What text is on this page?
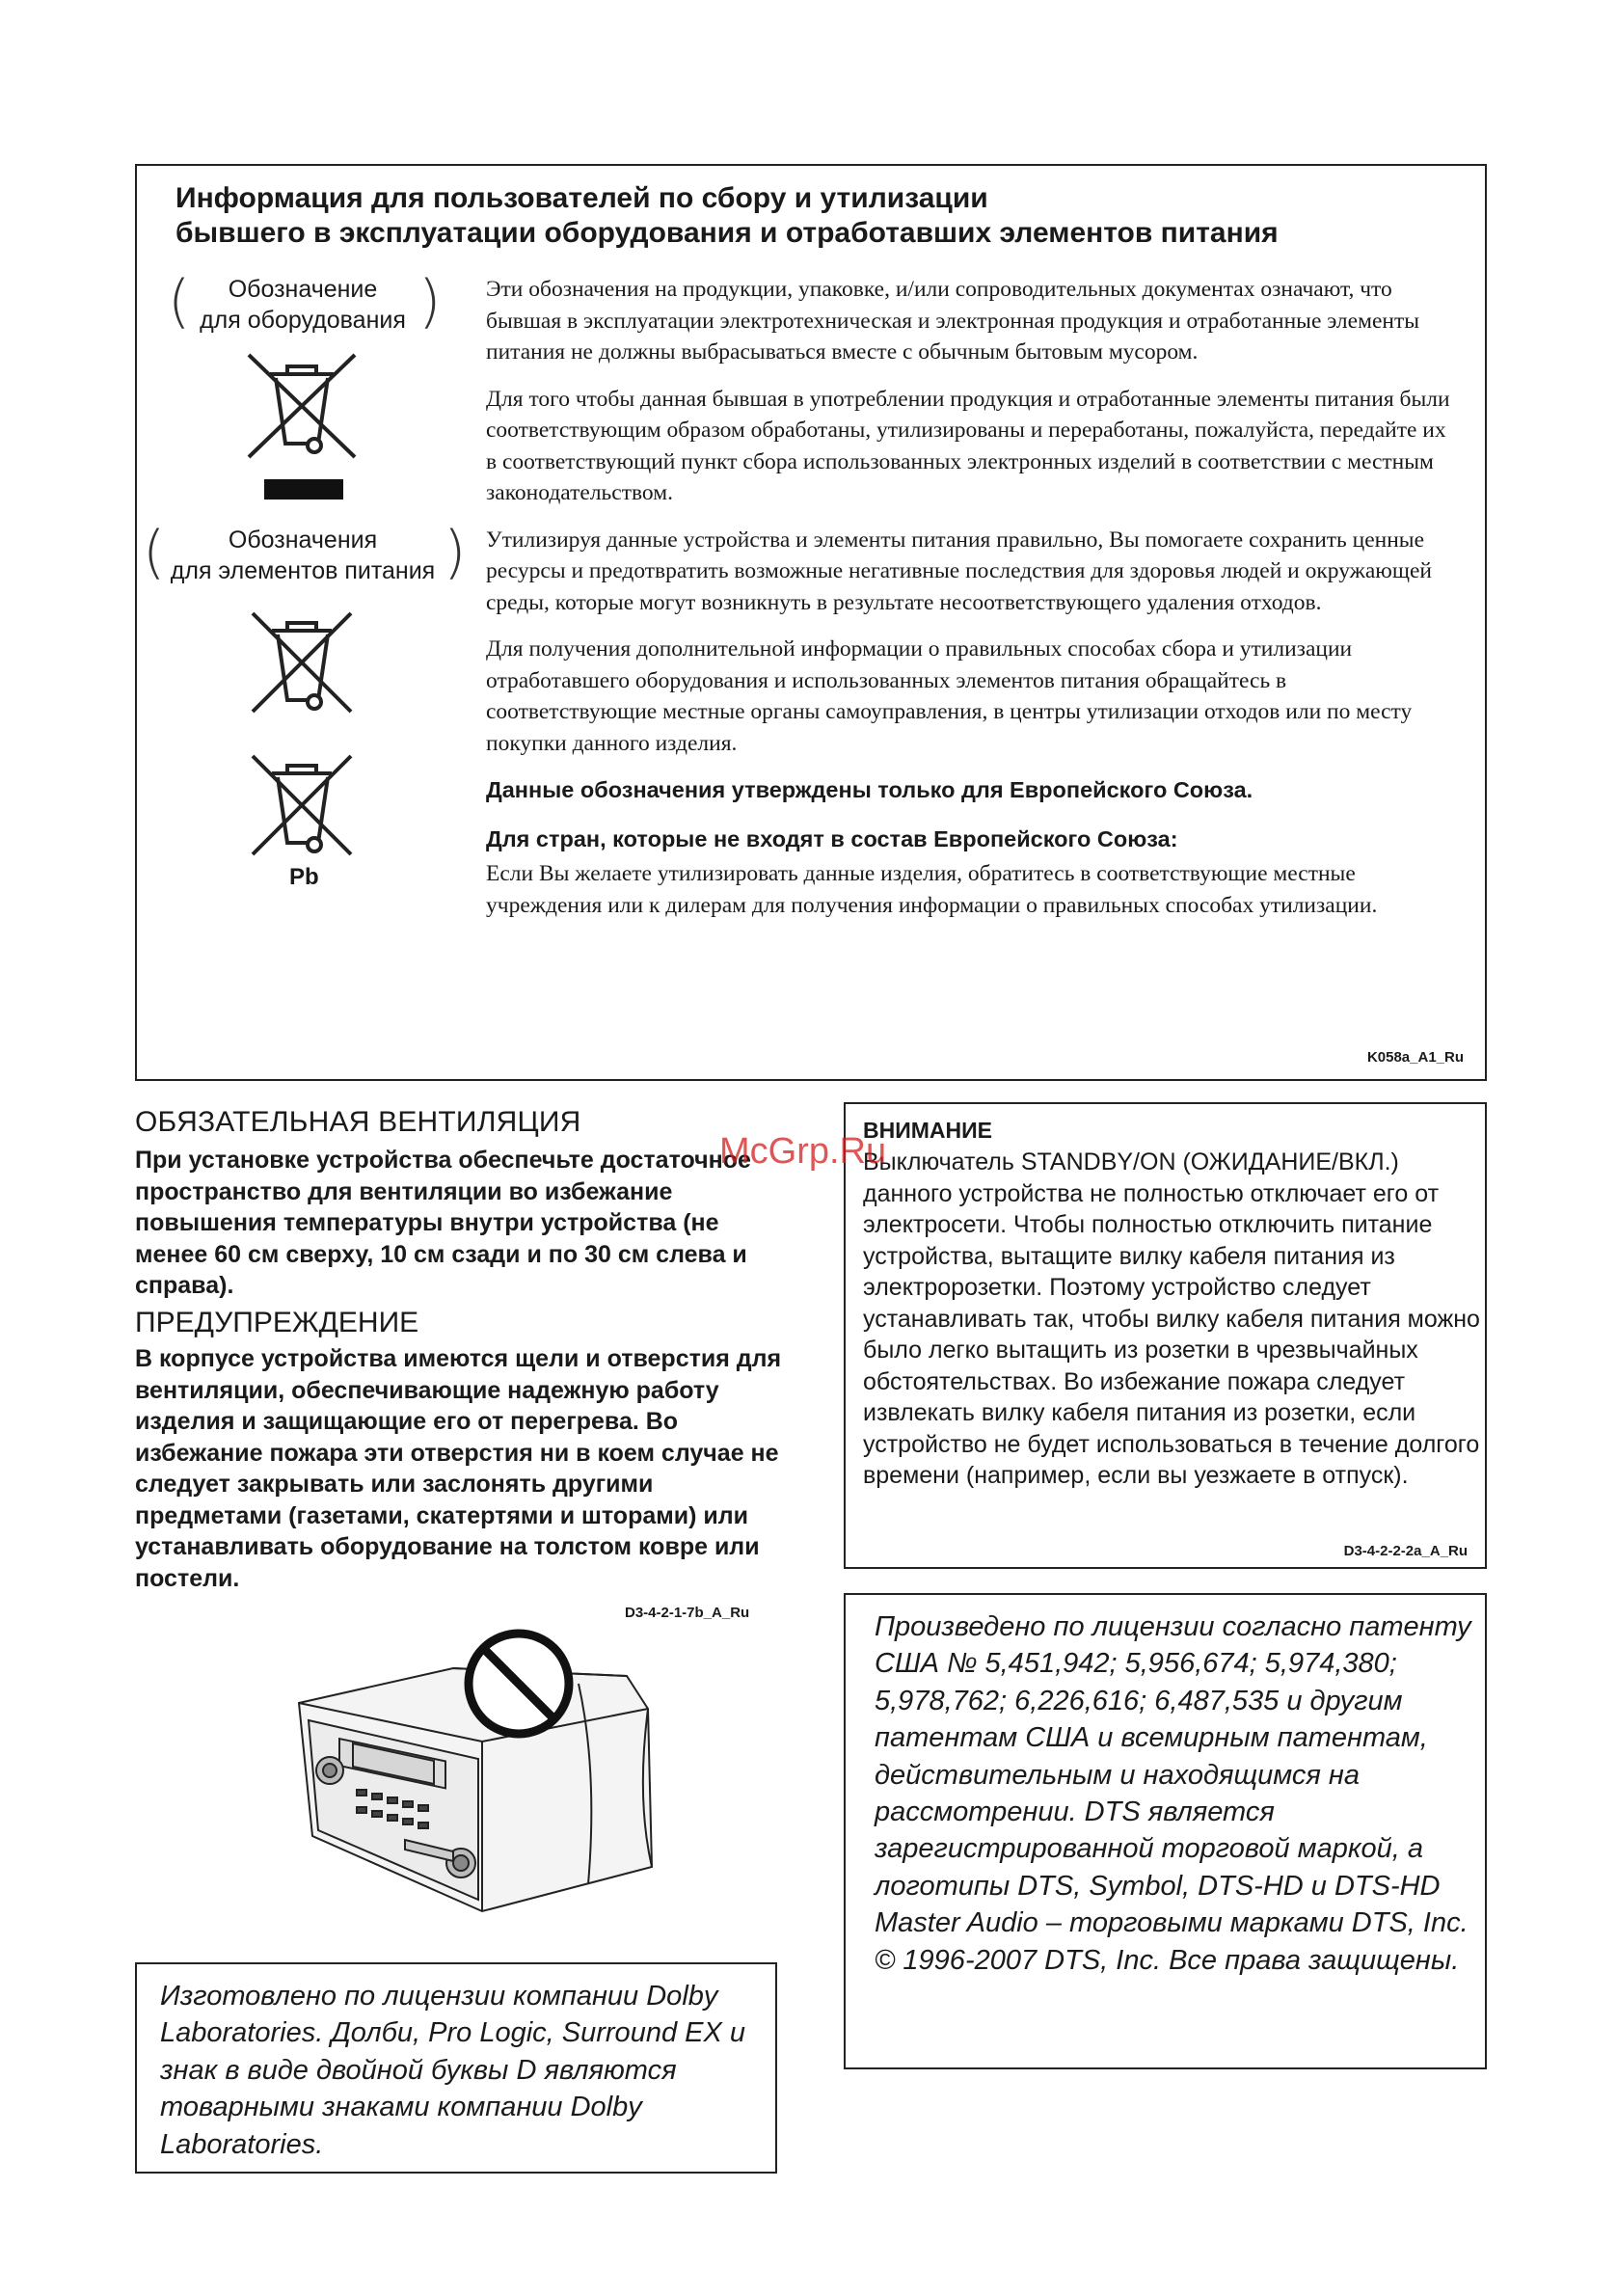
Информация для пользователей по сбору и утилизации
бывшего в эксплуатации оборудования и отработавших элементов питания
(	)
Обозначение
для оборудования
(	)
Обозначения
для элементов питания
Pb

Эти обозначения на продукции, упаковке, и/или сопроводительных документах означают, что бывшая в эксплуатации электротехническая и электронная продукция и отработанные элементы питания не должны выбрасываться вместе с обычным бытовым мусором.

Для того чтобы данная бывшая в употреблении продукция и отработанные элементы питания были соответствующим образом обработаны, утилизированы и переработаны, пожалуйста, передайте их в соответствующий пункт сбора использованных электронных изделий в соответствии с местным законодательством.

Утилизируя данные устройства и элементы питания правильно, Вы помогаете сохранить ценные ресурсы и предотвратить возможные негативные последствия для здоровья людей и окружающей среды, которые могут возникнуть в результате несоответствующего удаления отходов.

Для получения дополнительной информации о правильных способах сбора и утилизации отработавшего оборудования и использованных элементов питания обращайтесь в соответствующие местные органы самоуправления, в центры утилизации отходов или по месту покупки данного изделия.

Данные обозначения утверждены только для Европейского Союза.

Для стран, которые не входят в состав Европейского Союза:

Если Вы желаете утилизировать данные изделия, обратитесь в соответствующие местные учреждения или к дилерам для получения информации о правильных способах утилизации.

K058a_A1_Ru
ОБЯЗАТЕЛЬНАЯ ВЕНТИЛЯЦИЯ
При установке устройства обеспечьте достаточное пространство для вентиляции во избежание повышения температуры внутри устройства (не менее 60 см сверху, 10 см сзади и по 30 см слева и справа).
ПРЕДУПРЕЖДЕНИЕ
В корпусе устройства имеются щели и отверстия для вентиляции, обеспечивающие надежную работу изделия и защищающие его от перегрева. Во избежание пожара эти отверстия ни в коем случае не следует закрывать или заслонять другими предметами (газетами, скатертями и шторами) или устанавливать оборудование на толстом ковре или постели.
D3-4-2-1-7b_A_Ru
ВНИМАНИЕ
Выключатель STANDBY/ON (ОЖИДАНИЕ/ВКЛ.) данного устройства не полностью отключает его от электросети. Чтобы полностью отключить питание устройства, вытащите вилку кабеля питания из электророзетки. Поэтому устройство следует устанавливать так, чтобы вилку кабеля питания можно было легко вытащить из розетки в чрезвычайных обстоятельствах. Во избежание пожара следует извлекать вилку кабеля питания из розетки, если устройство не будет использоваться в течение долгого времени (например, если вы уезжаете в отпуск).
D3-4-2-2-2a_A_Ru
McGrp.Ru
Произведено по лицензии согласно патенту США № 5,451,942; 5,956,674; 5,974,380; 5,978,762; 6,226,616; 6,487,535 и другим патентам США и всемирным патентам, действительным и находящимся на рассмотрении. DTS является зарегистрированной торговой маркой, а логотипы DTS, Symbol, DTS-HD и DTS-HD Master Audio – торговыми марками DTS, Inc. © 1996-2007 DTS, Inc. Все права защищены.
Изготовлено по лицензии компании Dolby Laboratories. Долби, Pro Logic, Surround EX и знак в виде двойной буквы D являются товарными знаками компании Dolby Laboratories.
